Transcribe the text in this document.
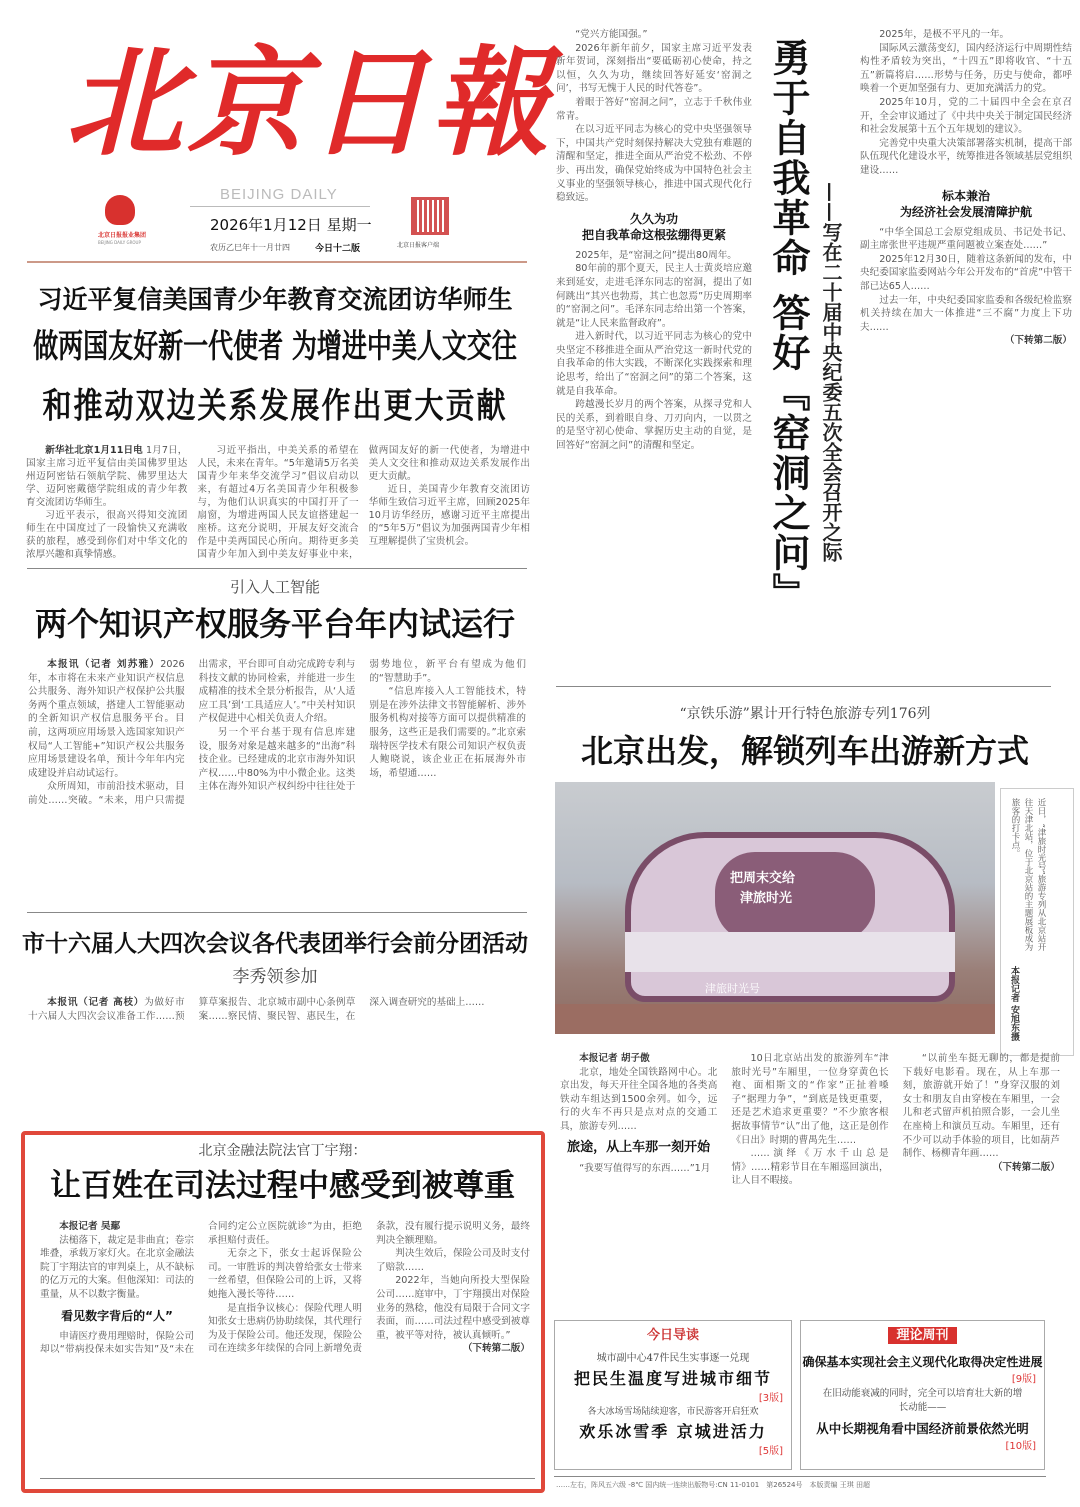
北京日報
BEIJING DAILY
北京日报报业集团
BEIJING DAILY GROUP
2026年1月12日 星期一
农历乙巳年十一月廿四	今日十二版	北京日报客户端
习近平复信美国青少年教育交流团访华师生
做两国友好新一代使者 为增进中美人文交往
和推动双边关系发展作出更大贡献

新华社北京1月11日电 1月7日，国家主席习近平复信由美国佛罗里达州迈阿密钻石领航学院、佛罗里达大学、迈阿密戴德学院组成的青少年教育交流团访华师生。

习近平表示，很高兴得知交流团师生在中国度过了一段愉快又充满收获的旅程，感受到你们对中华文化的浓厚兴趣和真挚情感。

习近平指出，中美关系的希望在人民，未来在青年。“5年邀请5万名美国青少年来华交流学习”倡议启动以来，有超过4万名美国青少年积极参与，为他们认识真实的中国打开了一扇窗，为增进两国人民友谊搭建起一座桥。这充分说明，开展友好交流合作是中美两国民心所向。期待更多美国青少年加入到中美友好事业中来，做两国友好的新一代使者，为增进中美人文交往和推动双边关系发展作出更大贡献。

近日，美国青少年教育交流团访华师生致信习近平主席，回顾2025年10月访华经历，感谢习近平主席提出的“5年5万”倡议为加强两国青少年相互理解提供了宝贵机会。

引入人工智能
两个知识产权服务平台年内试运行

本报讯（记者 刘苏雅）2026年，本市将在未来产业知识产权信息公共服务、海外知识产权保护公共服务两个重点领域，搭建人工智能驱动的全新知识产权信息服务平台。目前，这两项应用场景入选国家知识产权局“人工智能+”知识产权公共服务应用场景建设名单，预计今年年内完成建设并启动试运行。

众所周知，市前沿技术驱动，目前处……突破。“未来，用户只需提出需求，平台即可自动完成跨专利与科技文献的协同检索，并能进一步生成精准的技术全景分析报告，从‘人适应工具’到‘工具适应人’。”中关村知识产权促进中心相关负责人介绍。

另一个平台基于现有信息库建设，服务对象是越来越多的“出海”科技企业。已经建成的北京市海外知识产权……中80%为中小微企业。这类主体在海外知识产权纠纷中往往处于弱势地位，新平台有望成为他们的“智慧助手”。

“信息库接入人工智能技术，特别是在涉外法律文书智能解析、涉外服务机构对接等方面可以提供精准的服务，这些正是我们需要的。”北京索瑞特医学技术有限公司知识产权负责人鲍晓说，该企业正在拓展海外市场，希望通……

市十六届人大四次会议各代表团举行会前分团活动
李秀领参加

本报讯（记者 高枝）为做好市十六届人大四次会议准备工作……预算草案报告、北京城市副中心条例草案……察民情、聚民智、惠民生，在深入调查研究的基础上……

北京金融法院法官丁宇翔：
让百姓在司法过程中感受到被尊重

本报记者 吴鄢

法槌落下，裁定是非曲直；卷宗堆叠，承载万家灯火。在北京金融法院丁宇翔法官的审判桌上，从不缺标的亿万元的大案。但他深知：司法的重量，从不以数字衡量。

看见数字背后的“人”

申请医疗费用理赔时，保险公司却以“带病投保未如实告知”及“未在合同约定公立医院就诊”为由，拒绝承担赔付责任。

无奈之下，张女士起诉保险公司。一审胜诉的判决曾给张女士带来一丝希望，但保险公司的上诉，又将她拖入漫长等待……

是直指争议核心：保险代理人明知张女士患病仍协助续保，其代理行为及于保险公司。他还发现，保险公司在连续多年续保的合同上新增免责条款，没有履行提示说明义务，最终判决全额理赔。

判决生效后，保险公司及时支付了赔款……

2022年，当她向所投大型保险公司……庭审中，丁宇翔摸出对保险业务的熟稔，他没有局限于合同文字表面，而……司法过程中感受到被尊重，被平等对待，被认真倾听。”

（下转第二版）

“党兴方能国强。”

2026年新年前夕，国家主席习近平发表新年贺词，深刻指出“要砥砺初心使命，持之以恒，久久为功，继续回答好延安‘窑洞之问’，书写无愧于人民的时代答卷”。

着眼于答好“窑洞之问”，立志于千秋伟业常青。

在以习近平同志为核心的党中央坚强领导下，中国共产党时刻保持解决大党独有难题的清醒和坚定，推进全面从严治党不松劲、不停步、再出发，确保党始终成为中国特色社会主义事业的坚强领导核心，推进中国式现代化行稳致远。

久久为功

把自我革命这根弦绷得更紧

2025年，是“窑洞之问”提出80周年。

80年前的那个夏天，民主人士黄炎培应邀来到延安，走进毛泽东同志的窑洞，提出了如何跳出“其兴也勃焉，其亡也忽焉”历史周期率的“窑洞之问”。毛泽东同志给出第一个答案，就是“让人民来监督政府”。

进入新时代，以习近平同志为核心的党中央坚定不移推进全面从严治党这一新时代党的自我革命的伟大实践，不断深化实践探索和理论思考，给出了“窑洞之问”的第二个答案，这就是自我革命。

跨越漫长岁月的两个答案，从探寻党和人民的关系，到着眼自身、刀刃向内，一以贯之的是坚守初心使命、掌握历史主动的自觉，是回答好“窑洞之问”的清醒和坚定。	勇于自我革命 答好『窑洞之问』 ——写在二十届中央纪委五次全会召开之际

2025年，是极不平凡的一年。

国际风云激荡变幻，国内经济运行中周期性结构性矛盾较为突出，“十四五”即将收官、“十五五”新篇将启……形势与任务，历史与使命，都呼唤着一个更加坚强有力、更加充满活力的党。

2025年10月，党的二十届四中全会在京召开，全会审议通过了《中共中央关于制定国民经济和社会发展第十五个五年规划的建议》。

完善党中央重大决策部署落实机制，提高干部队伍现代化建设水平，统筹推进各领域基层党组织建设……

标本兼治

为经济社会发展清障护航

“中华全国总工会原党组成员、书记处书记、副主席张世平违规严重问题被立案查处……”

2025年12月30日，随着这条新闻的发布，中央纪委国家监委网站今年公开发布的“首虎”中管干部已达65人……

过去一年，中央纪委国家监委和各级纪检监察机关持续在加大一体推进“三不腐”力度上下功夫……

（下转第二版）

“京铁乐游”累计开行特色旅游专列176列
北京出发，解锁列车出游新方式
把周末交给
津旅时光
津旅时光号
近日，“津旅时光号”旅游专列从北京站开往天津北站，位于北京站的主题展板成为旅客的打卡点。
本报记者 安旭东摄

本报记者 胡子傲

北京，地处全国铁路网中心。北京出发，每天开往全国各地的各类高铁动车组达到1500余列。如今，远行的火车不再只是点对点的交通工具，旅游专列……

旅途，从上车那一刻开始

“我要写值得写的东西……”1月

10日北京站出发的旅游列车“津旅时光号”车厢里，一位身穿黄色长袍、面相斯文的“作家”正扯着嗓子“据理力争”，“到底是钱更重要，还是艺术追求更重要？”不少旅客根据故事情节“认”出了他，这正是创作《日出》时期的曹禺先生……

……演绎《万水千山总是情》……精彩节目在车厢巡回演出，让人目不暇接。

“以前坐车挺无聊的，都是提前下载好电影看。现在，从上车那一刻，旅游就开始了！”身穿汉服的刘女士和朋友自由穿梭在车厢里，一会儿和老式留声机拍照合影，一会儿坐在座椅上和演员互动。车厢里，还有不少可以动手体验的项目，比如葫芦制作、杨柳青年画……

（下转第二版）

今日导读
城市副中心47件民生实事逐一兑现
把民生温度写进城市细节
[3版]
各大冰场雪场陆续迎客，市民游客开启狂欢
欢乐冰雪季 京城进活力
[5版]
理论周刊
确保基本实现社会主义现代化取得决定性进展
[9版]
在旧动能衰减的同时，完全可以培育壮大新的增长动能——
从中长期视角看中国经济前景依然光明
[10版]
……左右，阵风五六级 -8℃ 国内统一连续出版物号:CN 11-0101　第26524号　本版责编 王琪 田超
